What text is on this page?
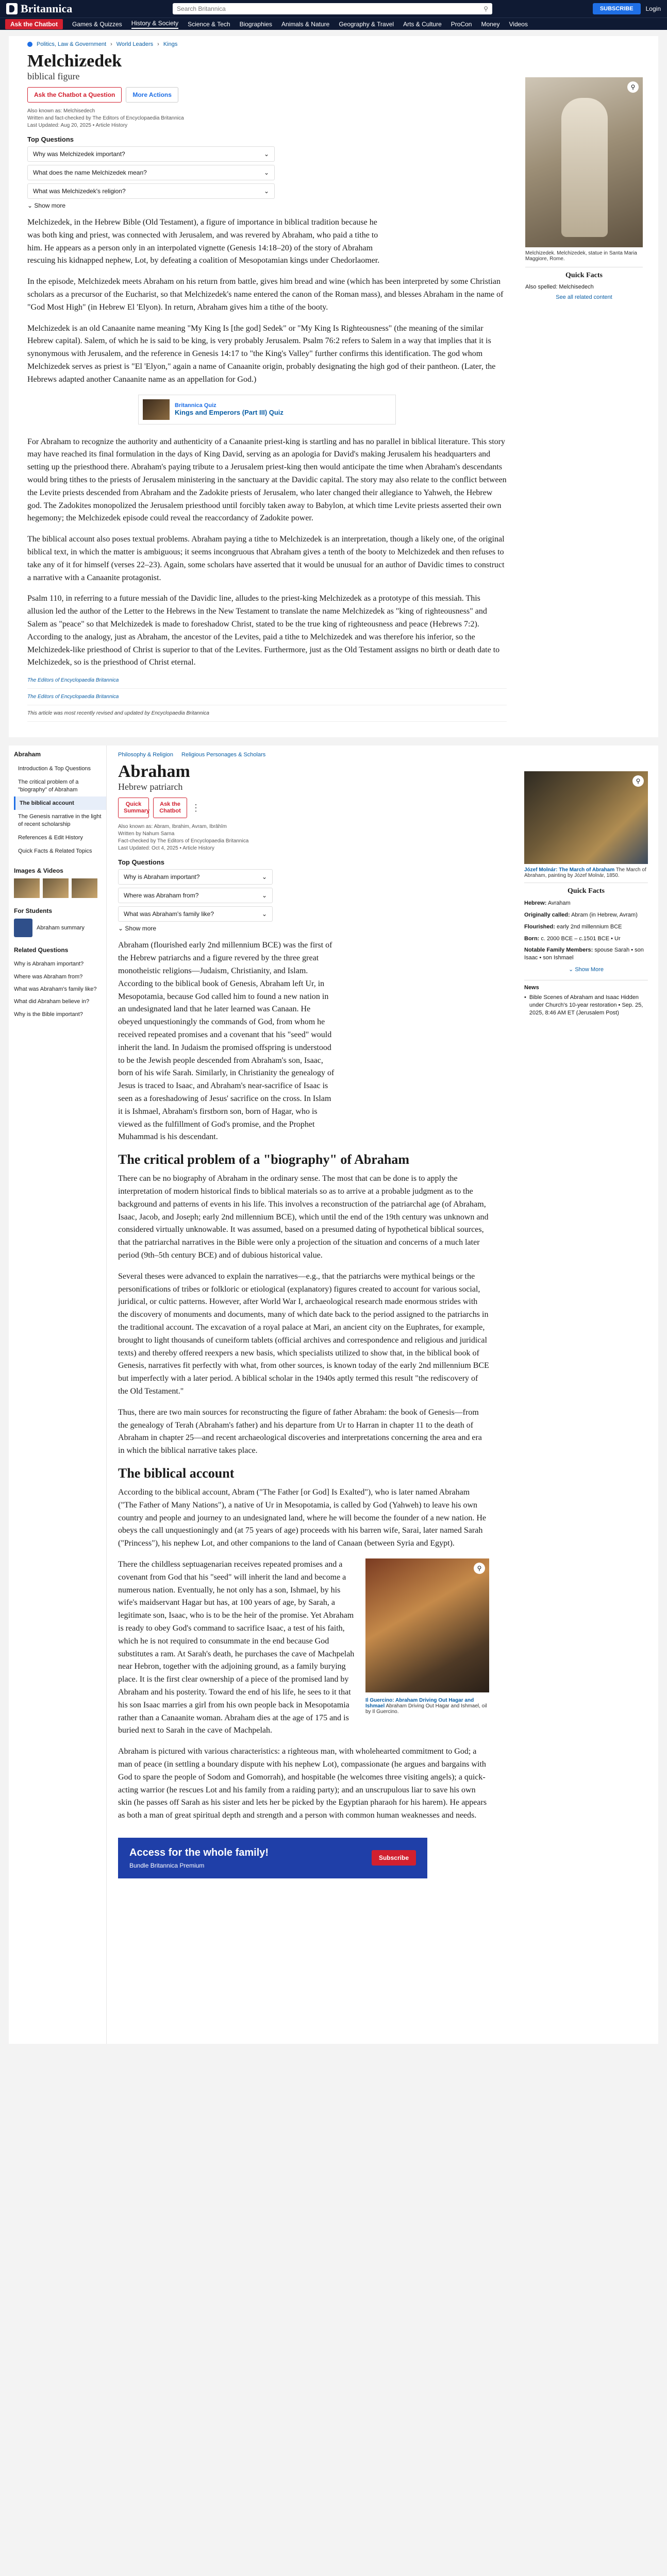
Britannica	Search Britannica	⚲	SUBSCRIBE	Login
Ask the Chatbot	Games & Quizzes History & Society Science & Tech Biographies Animals & Nature Geography & Travel Arts & Culture ProCon Money Videos
Politics, Law & Government › World Leaders › Kings
Melchizedek
biblical figure
Ask the Chatbot a Question	More Actions
Also known as: Melchisedech
Written and fact-checked by The Editors of Encyclopaedia Britannica
Last Updated: Aug 20, 2025 • Article History
Top Questions
Why was Melchizedek important?	⌄
What does the name Melchizedek mean?	⌄
What was Melchizedek's religion?	⌄
⌄ Show more

Melchizedek, in the Hebrew Bible (Old Testament), a figure of importance in biblical tradition because he was both king and priest, was connected with Jerusalem, and was revered by Abraham, who paid a tithe to him. He appears as a person only in an interpolated vignette (Genesis 14:18–20) of the story of Abraham rescuing his kidnapped nephew, Lot, by defeating a coalition of Mesopotamian kings under Chedorlaomer.

In the episode, Melchizedek meets Abraham on his return from battle, gives him bread and wine (which has been interpreted by some Christian scholars as a precursor of the Eucharist, so that Melchizedek's name entered the canon of the Roman mass), and blesses Abraham in the name of "God Most High" (in Hebrew El 'Elyon). In return, Abraham gives him a tithe of the booty.

Melchizedek is an old Canaanite name meaning "My King Is [the god] Sedek" or "My King Is Righteousness" (the meaning of the similar Hebrew capital). Salem, of which he is said to be king, is very probably Jerusalem. Psalm 76:2 refers to Salem in a way that implies that it is synonymous with Jerusalem, and the reference in Genesis 14:17 to "the King's Valley" further confirms this identification. The god whom Melchizedek serves as priest is "El 'Elyon," again a name of Canaanite origin, probably designating the high god of their pantheon. (Later, the Hebrews adapted another Canaanite name as an appellation for God.)

Britannica Quiz
Kings and Emperors (Part III) Quiz

For Abraham to recognize the authority and authenticity of a Canaanite priest-king is startling and has no parallel in biblical literature. This story may have reached its final formulation in the days of King David, serving as an apologia for David's making Jerusalem his headquarters and setting up the priesthood there. Abraham's paying tribute to a Jerusalem priest-king then would anticipate the time when Abraham's descendants would bring tithes to the priests of Jerusalem ministering in the sanctuary at the Davidic capital. The story may also relate to the conflict between the Levite priests descended from Abraham and the Zadokite priests of Jerusalem, who later changed their allegiance to Yahweh, the Hebrew god. The Zadokites monopolized the Jerusalem priesthood until forcibly taken away to Babylon, at which time Levite priests asserted their own hegemony; the Melchizedek episode could reveal the reaccordancy of Zadokite power.

The biblical account also poses textual problems. Abraham paying a tithe to Melchizedek is an interpretation, though a likely one, of the original biblical text, in which the matter is ambiguous; it seems incongruous that Abraham gives a tenth of the booty to Melchizedek and then refuses to take any of it for himself (verses 22–23). Again, some scholars have asserted that it would be unusual for an author of Davidic times to construct a narrative with a Canaanite protagonist.

Psalm 110, in referring to a future messiah of the Davidic line, alludes to the priest-king Melchizedek as a prototype of this messiah. This allusion led the author of the Letter to the Hebrews in the New Testament to translate the name Melchizedek as "king of righteousness" and Salem as "peace" so that Melchizedek is made to foreshadow Christ, stated to be the true king of righteousness and peace (Hebrews 7:2). According to the analogy, just as Abraham, the ancestor of the Levites, paid a tithe to Melchizedek and was therefore his inferior, so the Melchizedek-like priesthood of Christ is superior to that of the Levites. Furthermore, just as the Old Testament assigns no birth or death date to Melchizedek, so is the priesthood of Christ eternal.

The Editors of Encyclopaedia Britannica
The Editors of Encyclopaedia Britannica
This article was most recently revised and updated by Encyclopaedia Britannica
⚲
Melchizedek. Melchizedek, statue in Santa Maria Maggiore, Rome.
Quick Facts
Also spelled: Melchisedech
See all related content
Abraham
Introduction & Top Questions
The critical problem of a "biography" of Abraham
The biblical account
The Genesis narrative in the light of recent scholarship
References & Edit History
Quick Facts & Related Topics
Images & Videos
For Students
Abraham summary
Related Questions
Why is Abraham important?
Where was Abraham from?
What was Abraham's family like?
What did Abraham believe in?
Why is the Bible important?
Philosophy & Religion Religious Personages & Scholars
Abraham
Hebrew patriarch
Quick Summary
Ask the Chatbot	⋮
Also known as: Abram, Ibrahim, Avram, Ibrāhīm
Written by Nahum Sarna
Fact-checked by The Editors of Encyclopaedia Britannica
Last Updated: Oct 4, 2025 • Article History
Top Questions
Why is Abraham important?	⌄
Where was Abraham from?	⌄
What was Abraham's family like?	⌄
⌄ Show more

Abraham (flourished early 2nd millennium BCE) was the first of the Hebrew patriarchs and a figure revered by the three great monotheistic religions—Judaism, Christianity, and Islam. According to the biblical book of Genesis, Abraham left Ur, in Mesopotamia, because God called him to found a new nation in an undesignated land that he later learned was Canaan. He obeyed unquestioningly the commands of God, from whom he received repeated promises and a covenant that his "seed" would inherit the land. In Judaism the promised offspring is understood to be the Jewish people descended from Abraham's son, Isaac, born of his wife Sarah. Similarly, in Christianity the genealogy of Jesus is traced to Isaac, and Abraham's near-sacrifice of Isaac is seen as a foreshadowing of Jesus' sacrifice on the cross. In Islam it is Ishmael, Abraham's firstborn son, born of Hagar, who is viewed as the fulfillment of God's promise, and the Prophet Muhammad is his descendant.

The critical problem of a "biography" of Abraham

There can be no biography of Abraham in the ordinary sense. The most that can be done is to apply the interpretation of modern historical finds to biblical materials so as to arrive at a probable judgment as to the background and patterns of events in his life. This involves a reconstruction of the patriarchal age (of Abraham, Isaac, Jacob, and Joseph; early 2nd millennium BCE), which until the end of the 19th century was unknown and considered virtually unknowable. It was assumed, based on a presumed dating of hypothetical biblical sources, that the patriarchal narratives in the Bible were only a projection of the situation and concerns of a much later period (9th–5th century BCE) and of dubious historical value.

Several theses were advanced to explain the narratives—e.g., that the patriarchs were mythical beings or the personifications of tribes or folkloric or etiological (explanatory) figures created to account for various social, juridical, or cultic patterns. However, after World War I, archaeological research made enormous strides with the discovery of monuments and documents, many of which date back to the period assigned to the patriarchs in the traditional account. The excavation of a royal palace at Mari, an ancient city on the Euphrates, for example, brought to light thousands of cuneiform tablets (official archives and correspondence and religious and juridical texts) and thereby offered reexpers a new basis, which specialists utilized to show that, in the biblical book of Genesis, narratives fit perfectly with what, from other sources, is known today of the early 2nd millennium BCE but imperfectly with a later period. A biblical scholar in the 1940s aptly termed this result "the rediscovery of the Old Testament."

Thus, there are two main sources for reconstructing the figure of father Abraham: the book of Genesis—from the genealogy of Terah (Abraham's father) and his departure from Ur to Harran in chapter 11 to the death of Abraham in chapter 25—and recent archaeological discoveries and interpretations concerning the area and era in which the biblical narrative takes place.

The biblical account

According to the biblical account, Abram ("The Father [or God] Is Exalted"), who is later named Abraham ("The Father of Many Nations"), a native of Ur in Mesopotamia, is called by God (Yahweh) to leave his own country and people and journey to an undesignated land, where he will become the founder of a new nation. He obeys the call unquestioningly and (at 75 years of age) proceeds with his barren wife, Sarai, later named Sarah ("Princess"), his nephew Lot, and other companions to the land of Canaan (between Syria and Egypt).

⚲
Il Guercino: Abraham Driving Out Hagar and Ishmael Abraham Driving Out Hagar and Ishmael, oil by Il Guercino.

There the childless septuagenarian receives repeated promises and a covenant from God that his "seed" will inherit the land and become a numerous nation. Eventually, he not only has a son, Ishmael, by his wife's maidservant Hagar but has, at 100 years of age, by Sarah, a legitimate son, Isaac, who is to be the heir of the promise. Yet Abraham is ready to obey God's command to sacrifice Isaac, a test of his faith, which he is not required to consummate in the end because God substitutes a ram. At Sarah's death, he purchases the cave of Machpelah near Hebron, together with the adjoining ground, as a family burying place. It is the first clear ownership of a piece of the promised land by Abraham and his posterity. Toward the end of his life, he sees to it that his son Isaac marries a girl from his own people back in Mesopotamia rather than a Canaanite woman. Abraham dies at the age of 175 and is buried next to Sarah in the cave of Machpelah.

Abraham is pictured with various characteristics: a righteous man, with wholehearted commitment to God; a man of peace (in settling a boundary dispute with his nephew Lot), compassionate (he argues and bargains with God to spare the people of Sodom and Gomorrah), and hospitable (he welcomes three visiting angels); a quick-acting warrior (he rescues Lot and his family from a raiding party); and an unscrupulous liar to save his own skin (he passes off Sarah as his sister and lets her be picked by the Egyptian pharaoh for his harem). He appears as both a man of great spiritual depth and strength and a person with common human weaknesses and needs.

Access for the whole family!
Bundle Britannica Premium
Subscribe
⚲
Józef Molnár: The March of Abraham The March of Abraham, painting by Józef Molnár, 1850.
Quick Facts
Hebrew: Avraham
Originally called: Abram (in Hebrew, Avram)
Flourished: early 2nd millennium BCE
Born: c. 2000 BCE – c.1501 BCE • Ur
Notable Family Members: spouse Sarah • son Isaac • son Ishmael
⌄ Show More
News
• Bible Scenes of Abraham and Isaac Hidden under Church's 10-year restoration • Sep. 25, 2025, 8:46 AM ET (Jerusalem Post)
